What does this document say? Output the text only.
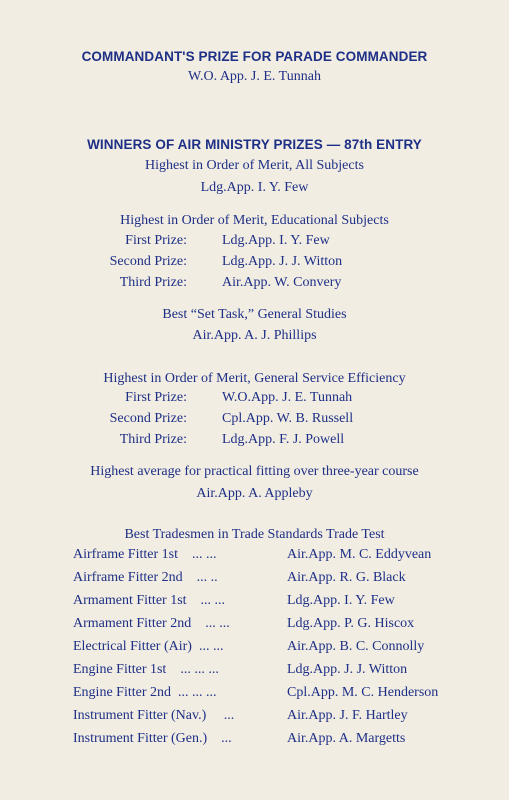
COMMANDANT'S PRIZE FOR PARADE COMMANDER
W.O. App. J. E. Tunnah
WINNERS OF AIR MINISTRY PRIZES — 87th ENTRY
Highest in Order of Merit, All Subjects
Ldg.App. I. Y. Few
Highest in Order of Merit, Educational Subjects
First Prize:	Ldg.App. I. Y. Few
Second Prize:	Ldg.App. J. J. Witton
Third Prize:	Air.App. W. Convery
Best “Set Task,” General Studies
Air.App. A. J. Phillips
Highest in Order of Merit, General Service Efficiency
First Prize:	W.O.App. J. E. Tunnah
Second Prize:	Cpl.App. W. B. Russell
Third Prize:	Ldg.App. F. J. Powell
Highest average for practical fitting over three-year course
Air.App. A. Appleby
Best Tradesmen in Trade Standards Trade Test
Airframe Fitter 1st ... ...	Air.App. M. C. Eddyvean
Airframe Fitter 2nd ... ..	Air.App. R. G. Black
Armament Fitter 1st ... ...	Ldg.App. I. Y. Few
Armament Fitter 2nd ... ...	Ldg.App. P. G. Hiscox
Electrical Fitter (Air) ... ...	Air.App. B. C. Connolly
Engine Fitter 1st ... ... ...	Ldg.App. J. J. Witton
Engine Fitter 2nd ... ... ...	Cpl.App. M. C. Henderson
Instrument Fitter (Nav.) ...	Air.App. J. F. Hartley
Instrument Fitter (Gen.) ...	Air.App. A. Margetts
